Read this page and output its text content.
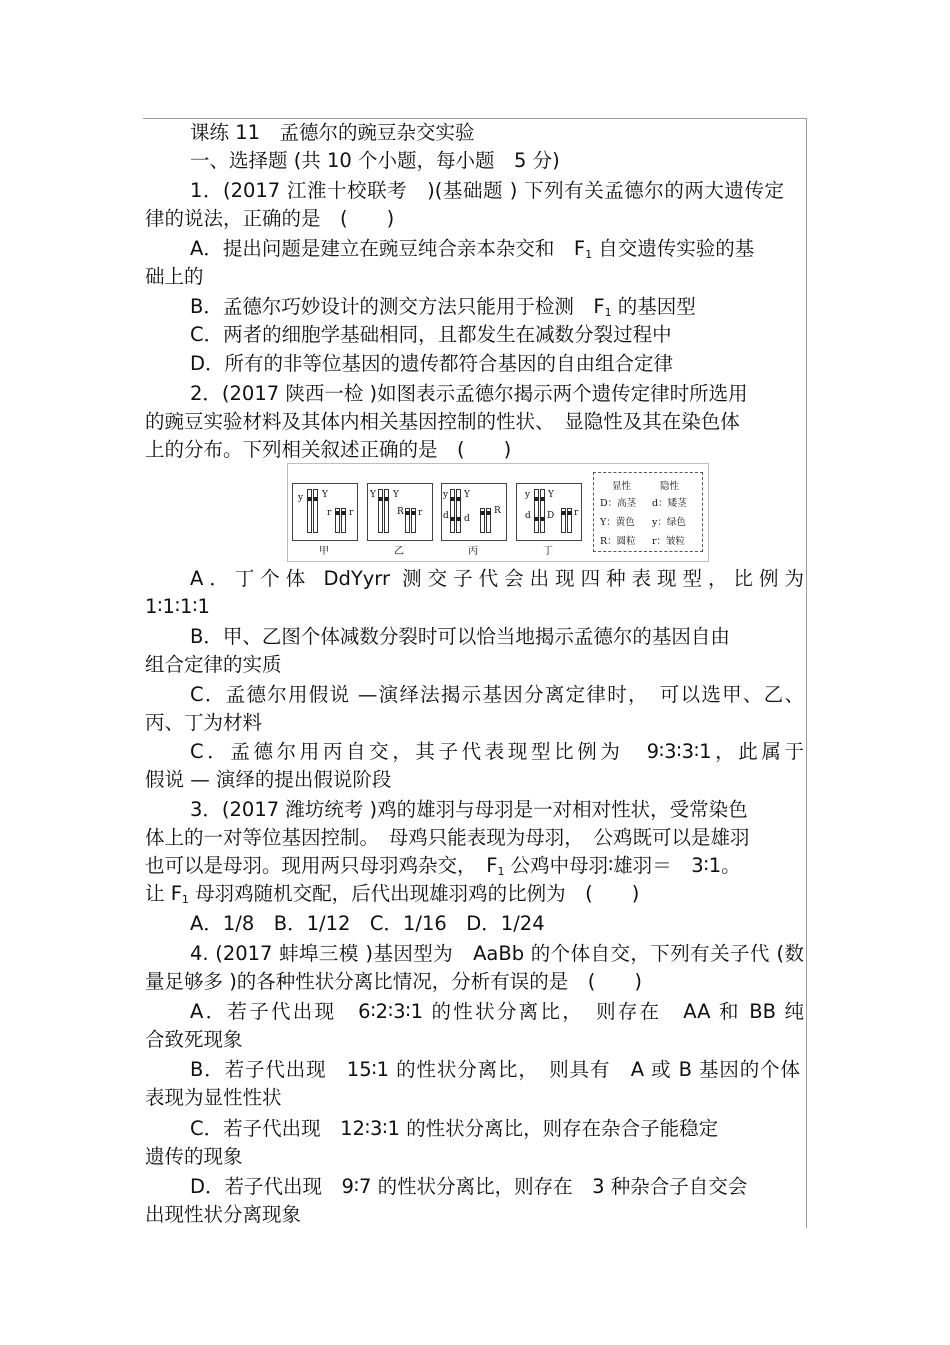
课练 11　孟德尔的豌豆杂交实验
一、选择题 (共 10 个小题，每小题　5 分)
1．(2017 江淮十校联考　)(基础题 ) 下列有关孟德尔的两大遗传定
律的说法，正确的是　(　　)
A．提出问题是建立在豌豆纯合亲本杂交和　$F_1$ 自交遗传实验的基
础上的
B．孟德尔巧妙设计的测交方法只能用于检测　$F_1$ 的基因型
C．两者的细胞学基础相同，且都发生在减数分裂过程中
D．所有的非等位基因的遗传都符合基因的自由组合定律
2．(2017 陕西一检 )如图表示孟德尔揭示两个遗传定律时所选用
的豌豆实验材料及其体内相关基因控制的性状、　显隐性及其在染色体
上的分布。下列相关叙述正确的是　(　　)
y Y
r r
甲
Y Y
R r
乙
y Y
d d
R
丙
y Y
d D r
丁
显性	隐性
D：高茎 d：矮茎
Y：黄色 y：绿色
R：圆粒 r：皱粒
A．丁个体 DdYyrr 测交子代会出现四种表现型，比例为
1∶1∶1∶1
B．甲、乙图个体减数分裂时可以恰当地揭示孟德尔的基因自由
组合定律的实质
C．孟德尔用假说 —演绎法揭示基因分离定律时，　可以选甲、乙、
丙、丁为材料
C．孟德尔用丙自交，其子代表现型比例为　9∶3∶3∶1，此属于
假说 — 演绎的提出假说阶段
3．(2017 潍坊统考 )鸡的雄羽与母羽是一对相对性状，受常染色
体上的一对等位基因控制。　母鸡只能表现为母羽，　公鸡既可以是雄羽
也可以是母羽。现用两只母羽鸡杂交，　$F_1$ 公鸡中母羽∶雄羽＝　3∶1。
让 $F_1$ 母羽鸡随机交配，后代出现雄羽鸡的比例为　(　　)
A．1/8　B．1/12　C．1/16　D．1/24
4. (2017 蚌埠三模 )基因型为　AaBb 的个体自交，下列有关子代 (数
量足够多 )的各种性状分离比情况，分析有误的是　(　　)
A．若子代出现　6∶2∶3∶1 的性状分离比，　则存在　AA 和 BB 纯
合致死现象
B．若子代出现　15∶1 的性状分离比，　则具有　A 或 B 基因的个体
表现为显性性状
C．若子代出现　12∶3∶1 的性状分离比，则存在杂合子能稳定
遗传的现象
D．若子代出现　9∶7 的性状分离比，则存在　3 种杂合子自交会
出现性状分离现象
